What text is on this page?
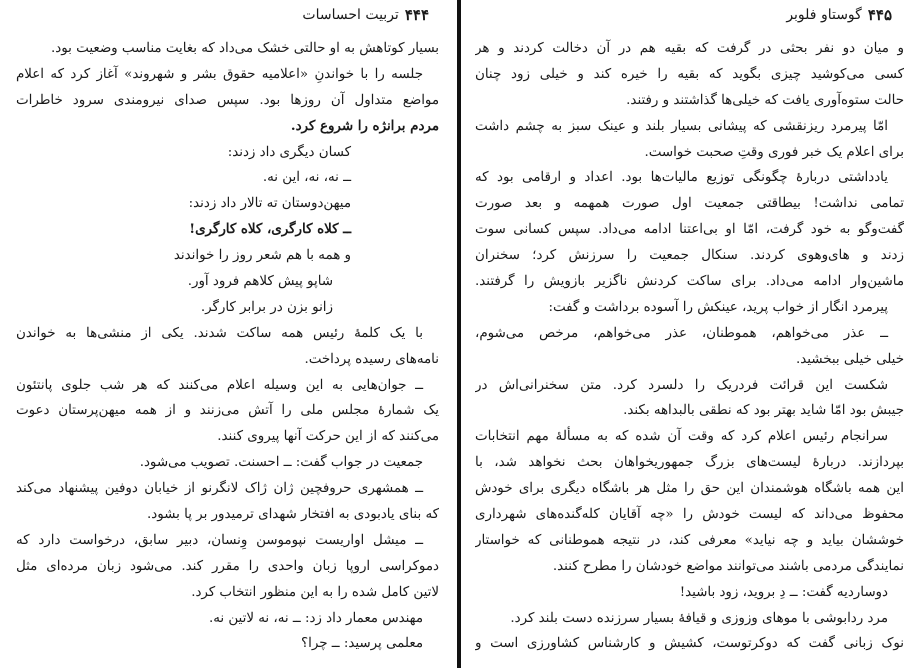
۴۴۴
تربیت احساسات
بسیار کوتاهش به او حالتی خشک می‌داد که بغایت مناسب وضعیت بود.
جلسه را با خواندنِ «اعلامیه حقوق بشر و شهروند» آغاز کرد که اعلام
مواضع متداول آن روزها بود. سپس صدای نیرومندی سرود خاطرات
مردم برانژه را شروع کرد.
کسان دیگری داد زدند:
ــ نه، نه، این نه.
میهن‌دوستان ته تالار داد زدند:
ــ کلاه کارگری، کلاه کارگری!
و همه با هم شعر روز را خواندند
شاپو پیش کلاهم فرود آور.
زانو بزن در برابر کارگر.
با یک کلمهٔ رئیس همه ساکت شدند. یکی از منشی‌ها به خواندن
نامه‌های رسیده پرداخت.
ــ جوان‌هایی به این وسیله اعلام می‌کنند که هر شب جلوی پانتئون
یک شمارهٔ مجلس ملی را آتش می‌زنند و از همه میهن‌پرستان دعوت
می‌کنند که از این حرکت آنها پیروی کنند.
جمعیت در جواب گفت: ــ احسنت. تصویب می‌شود.
ــ همشهری حروفچین ژان ژاک لانگرنو از خیابان دوفین پیشنهاد می‌کند
که بنای یادبودی به افتخار شهدای ترمیدور بر پا بشود.
ــ میشل اواریست نپوموسن وِنسان، دبیر سابق، درخواست دارد که
دموکراسی اروپا زبان واحدی را مقرر کند. می‌شود زبان مرده‌ای مثل
لاتین کامل شده را به این منظور انتخاب کرد.
مهندس معمار داد زد: ــ نه، نه لاتین نه.
معلمی پرسید: ــ چرا؟
۴۴۵
گوستاو فلوبر
و میان دو نفر بحثی در گرفت که بقیه هم در آن دخالت کردند و هر
کسی می‌کوشید چیزی بگوید که بقیه را خیره کند و خیلی زود چنان
حالت ستوه‌آوری یافت که خیلی‌ها گذاشتند و رفتند.
امّا پیرمرد ریزنقشی که پیشانی بسیار بلند و عینک سبز به چشم داشت
برای اعلام یک خبر فوری وقتِ صحبت خواست.
یادداشتی دربارهٔ چگونگی توزیع مالیات‌ها بود. اعداد و ارقامی بود که
تمامی نداشت! بیطاقتی جمعیت اول صورت همهمه و بعد صورت
گفت‌وگو به خود گرفت، امّا او بی‌اعتنا ادامه می‌داد. سپس کسانی سوت
زدند و های‌وهوی کردند. سنکال جمعیت را سرزنش کرد؛ سخنران
ماشین‌وار ادامه می‌داد. برای ساکت کردنش ناگزیر بازویش را گرفتند.
پیرمرد انگار از خواب پرید، عینکش را آسوده برداشت و گفت:
ــ عذر می‌خواهم، هموطنان، عذر می‌خواهم، مرخص می‌شوم،
خیلی خیلی ببخشید.
شکست این قرائت فردریک را دلسرد کرد. متن سخنرانی‌اش در
جیبش بود امّا شاید بهتر بود که نطقی بالبداهه بکند.
سرانجام رئیس اعلام کرد که وقت آن شده که به مسألهٔ مهم انتخابات
بپردازند. دربارهٔ لیست‌های بزرگ جمهوریخواهان بحث نخواهد شد، با
این همه باشگاه هوشمندان این حق را مثل هر باشگاه دیگری برای خودش
محفوظ می‌داند که لیست خودش را «چه آقایان کله‌گنده‌های شهرداری
خوششان بیاید و چه نیاید» معرفی کند، در نتیجه هموطنانی که خواستار
نمایندگی مردمی باشند می‌توانند مواضع خودشان را مطرح کنند.
دوساردیه گفت: ــ دِ بروید، زود باشید!
مرد ردابوشی با موهای وزوزی و قیافهٔ بسیار سرزنده دست بلند کرد.
نوک زبانی گفت که دوکرتوست، کشیش و کارشناس کشاورزی است و
